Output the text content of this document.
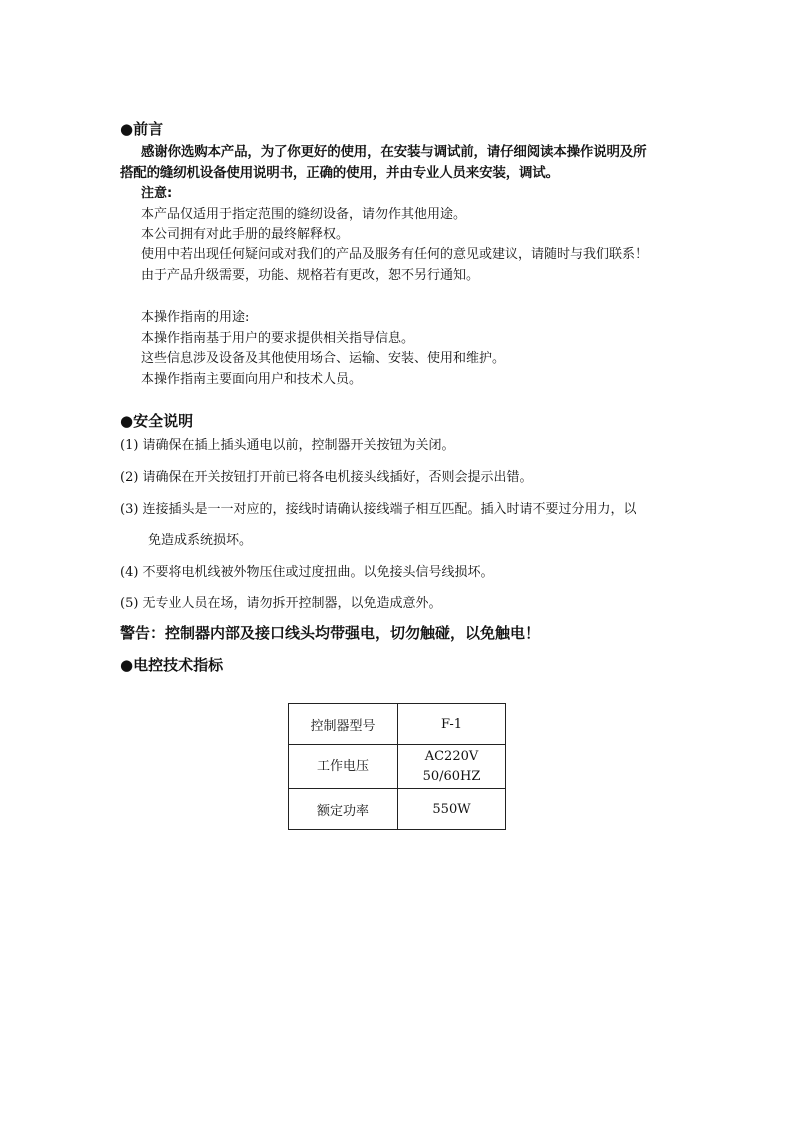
●前言
感谢你选购本产品，为了你更好的使用，在安装与调试前，请仔细阅读本操作说明及所
搭配的缝纫机设备使用说明书，正确的使用，并由专业人员来安装，调试。
注意:
本产品仅适用于指定范围的缝纫设备，请勿作其他用途。
本公司拥有对此手册的最终解释权。
使用中若出现任何疑问或对我们的产品及服务有任何的意见或建议，请随时与我们联系！
由于产品升级需要，功能、规格若有更改，恕不另行通知。
本操作指南的用途:
本操作指南基于用户的要求提供相关指导信息。
这些信息涉及设备及其他使用场合、运输、安装、使用和维护。
本操作指南主要面向用户和技术人员。
●安全说明
(1) 请确保在插上插头通电以前，控制器开关按钮为关闭。
(2) 请确保在开关按钮打开前已将各电机接头线插好，否则会提示出错。
(3) 连接插头是一一对应的，接线时请确认接线端子相互匹配。插入时请不要过分用力，以
免造成系统损坏。
(4) 不要将电机线被外物压住或过度扭曲。以免接头信号线损坏。
(5) 无专业人员在场，请勿拆开控制器，以免造成意外。
警告：控制器内部及接口线头均带强电，切勿触碰，以免触电！
●电控技术指标
控制器型号	F-1
工作电压	AC220V
50/60HZ

额定功率	550W
